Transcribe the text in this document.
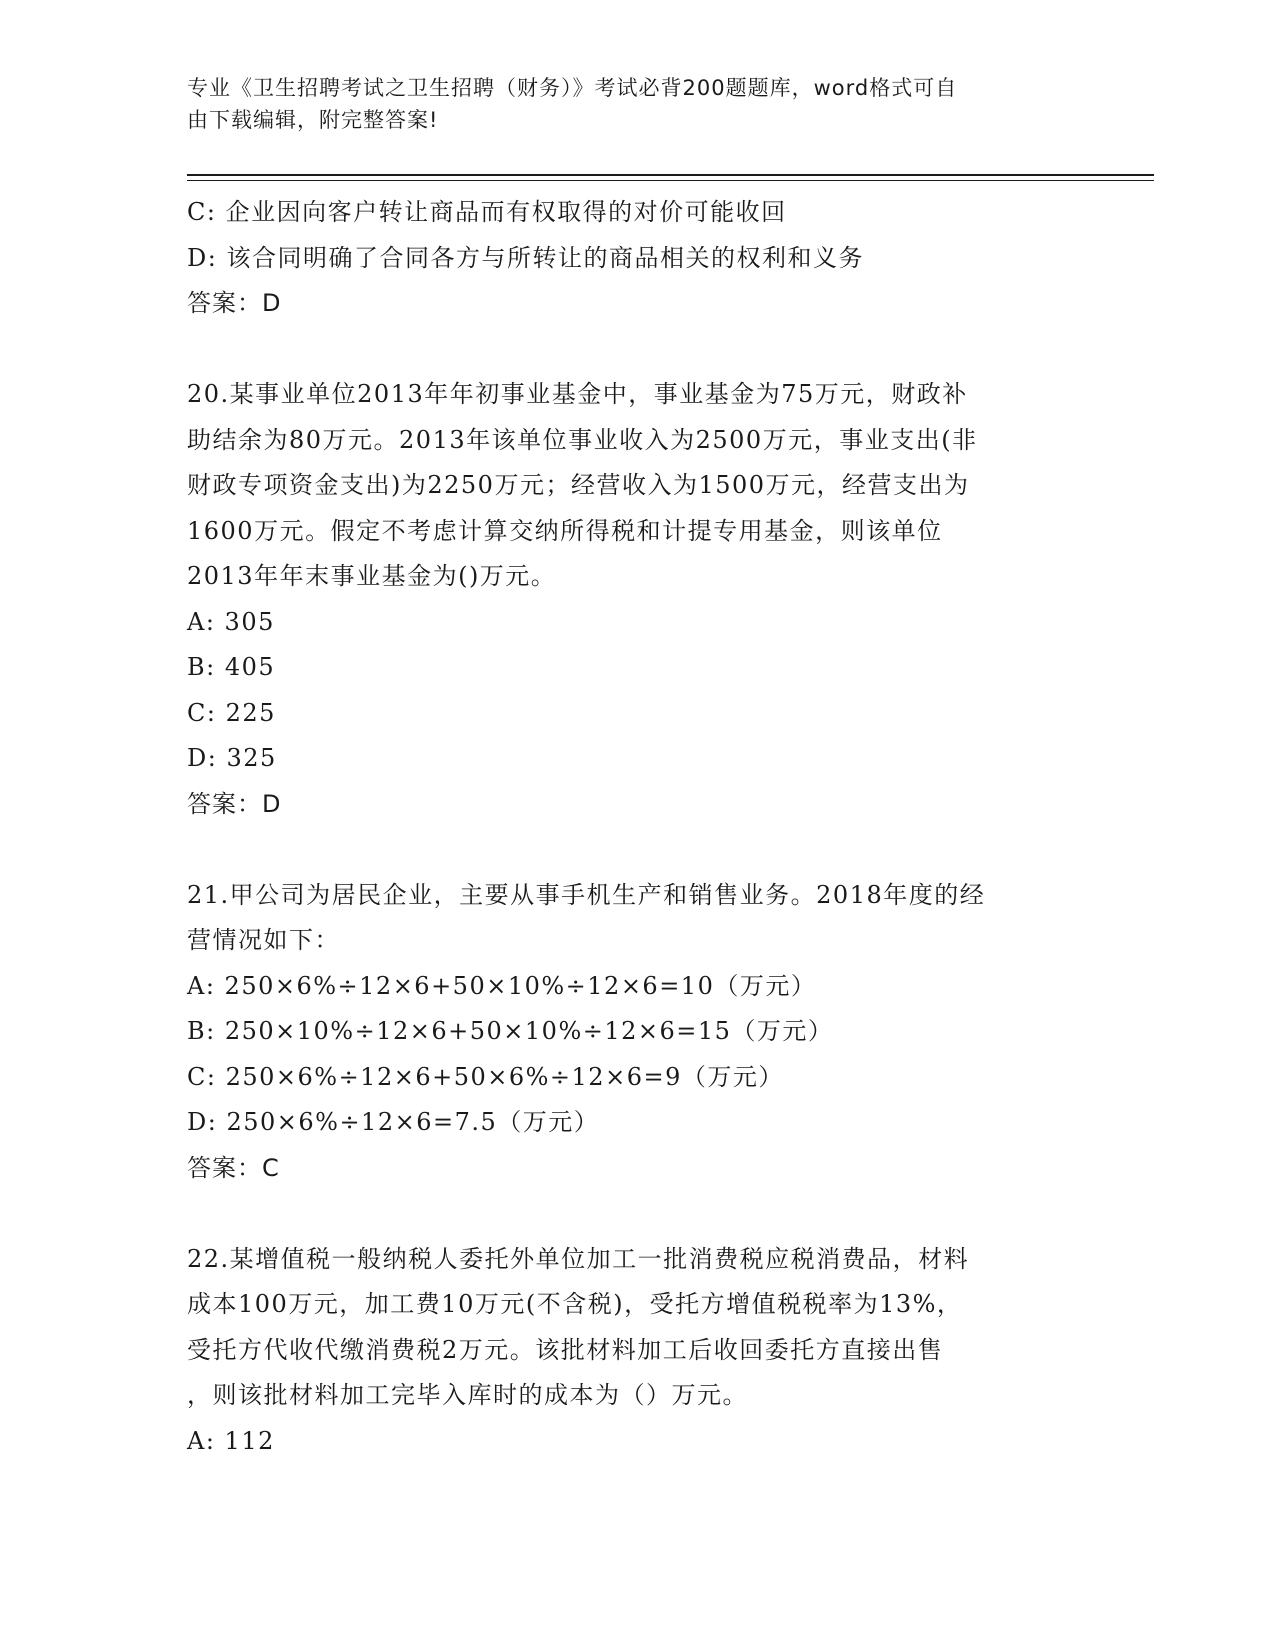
专业《卫生招聘考试之卫生招聘（财务）》考试必背200题题库，word格式可自
由下载编辑，附完整答案!
C: 企业因向客户转让商品而有权取得的对价可能收回
D: 该合同明确了合同各方与所转让的商品相关的权利和义务
答案：D
20.某事业单位2013年年初事业基金中，事业基金为75万元，财政补
助结余为80万元。2013年该单位事业收入为2500万元，事业支出(非
财政专项资金支出)为2250万元；经营收入为1500万元，经营支出为
1600万元。假定不考虑计算交纳所得税和计提专用基金，则该单位
2013年年末事业基金为()万元。
A: 305
B: 405
C: 225
D: 325
答案：D
21.甲公司为居民企业，主要从事手机生产和销售业务。2018年度的经
营情况如下：
A: 250×6%÷12×6+50×10%÷12×6=10（万元）
B: 250×10%÷12×6+50×10%÷12×6=15（万元）
C: 250×6%÷12×6+50×6%÷12×6=9（万元）
D: 250×6%÷12×6=7.5（万元）
答案：C
22.某增值税一般纳税人委托外单位加工一批消费税应税消费品，材料
成本100万元，加工费10万元(不含税)，受托方增值税税率为13%，
受托方代收代缴消费税2万元。该批材料加工后收回委托方直接出售
，则该批材料加工完毕入库时的成本为（）万元。
A: 112
